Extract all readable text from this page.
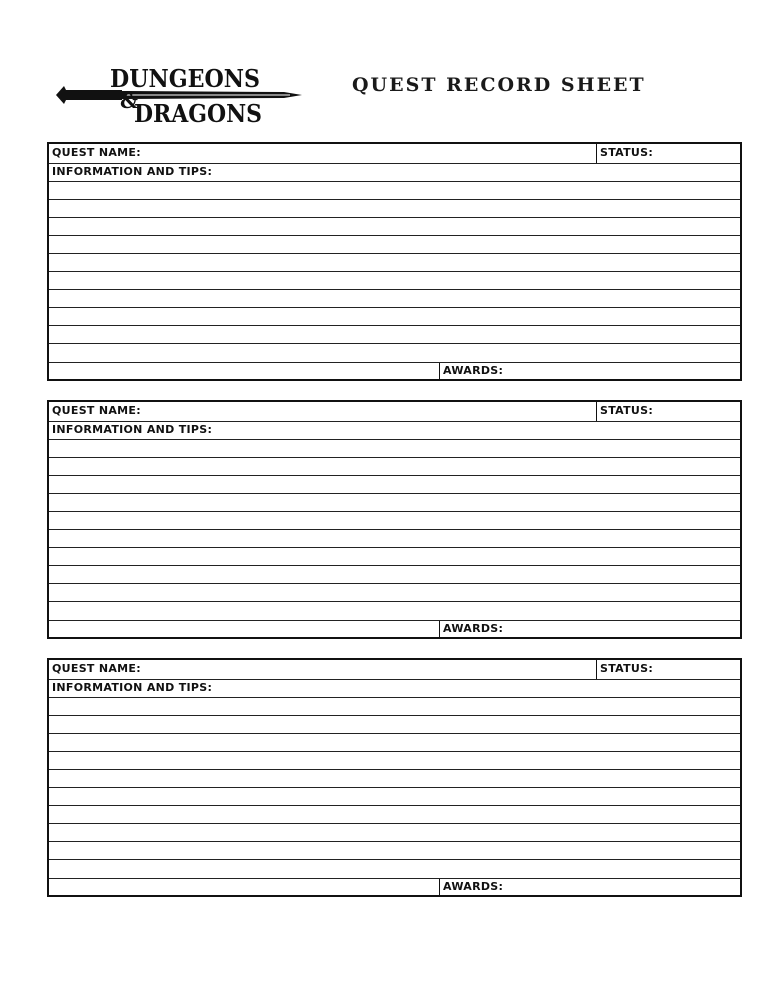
DUNGEONS
&
DRAGONS
QUEST RECORD SHEET
QUEST NAME:	STATUS:
INFORMATION AND TIPS:
AWARDS:
QUEST NAME:	STATUS:
INFORMATION AND TIPS:
AWARDS:
QUEST NAME:	STATUS:
INFORMATION AND TIPS:
AWARDS:
